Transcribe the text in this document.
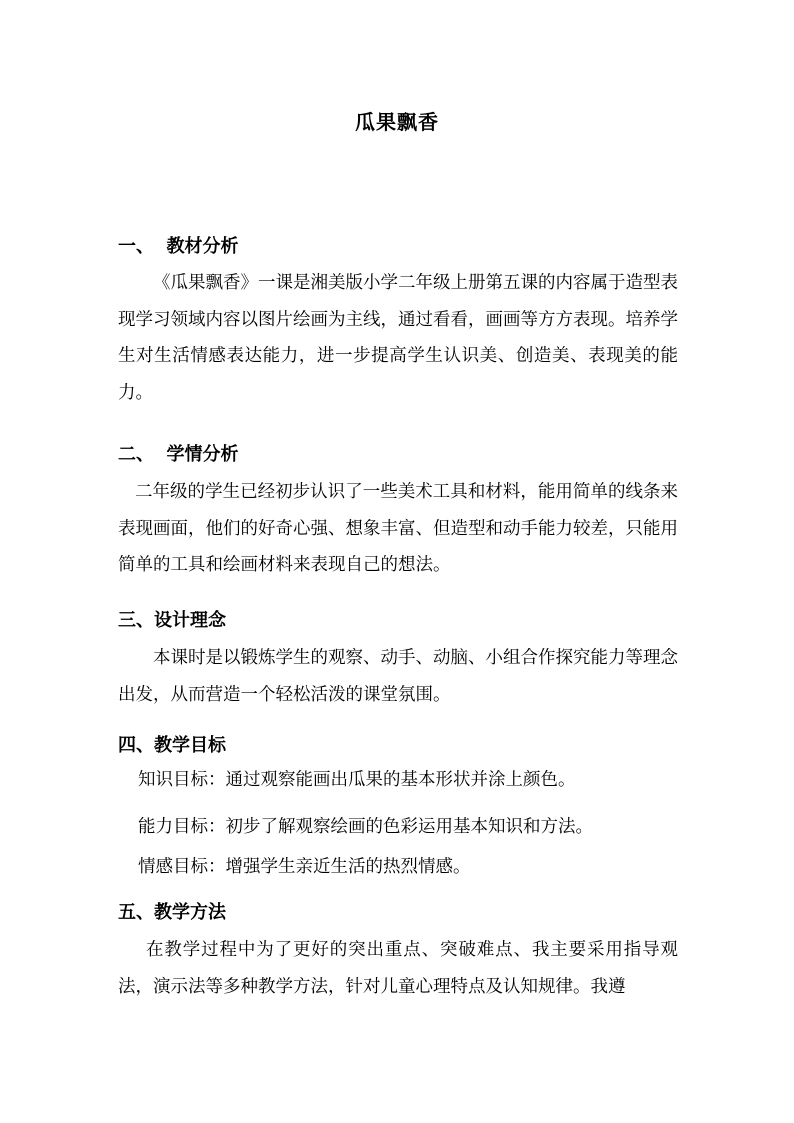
瓜果飘香
一、  教材分析
《瓜果飘香》一课是湘美版小学二年级上册第五课的内容属于造型表现学习领域内容以图片绘画为主线，通过看看，画画等方方表现。培养学生对生活情感表达能力，进一步提高学生认识美、创造美、表现美的能力。
二、  学情分析
二年级的学生已经初步认识了一些美术工具和材料，能用简单的线条来表现画面，他们的好奇心强、想象丰富、但造型和动手能力较差，只能用简单的工具和绘画材料来表现自己的想法。
三、设计理念
本课时是以锻炼学生的观察、动手、动脑、小组合作探究能力等理念出发，从而营造一个轻松活泼的课堂氛围。
四、教学目标
知识目标：通过观察能画出瓜果的基本形状并涂上颜色。
能力目标：初步了解观察绘画的色彩运用基本知识和方法。
情感目标：增强学生亲近生活的热烈情感。
五、教学方法
在教学过程中为了更好的突出重点、突破难点、我主要采用指导观法，演示法等多种教学方法，针对儿童心理特点及认知规律。我遵
